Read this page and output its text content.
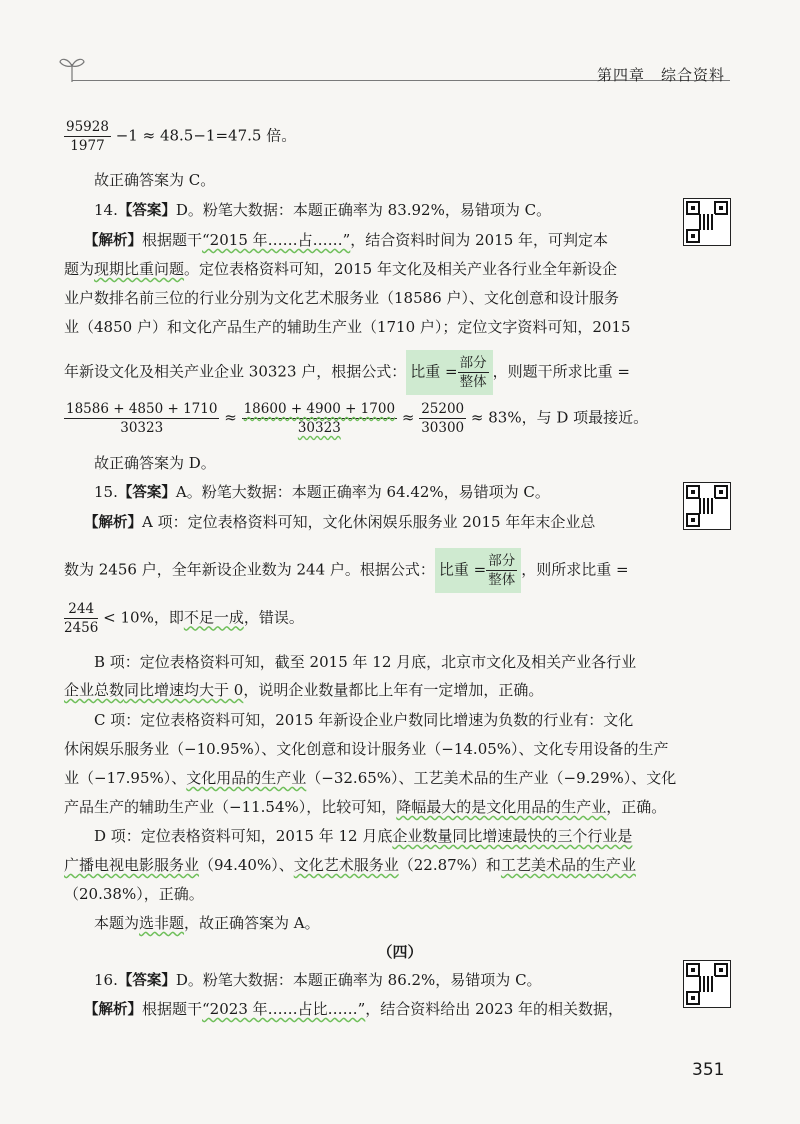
第四章　综合资料
$\frac{95928}{1977} -1 \approx 48.5-1=47.5$ 倍。
故正确答案为 C。
14.【答案】D。粉笔大数据：本题正确率为 83.92%，易错项为 C。
【解析】根据题干“2015 年……占……”，结合资料时间为 2015 年，可判定本
题为现期比重问题。定位表格资料可知，2015 年文化及相关产业各行业全年新设企
业户数排名前三位的行业分别为文化艺术服务业（18586 户）、文化创意和设计服务
业（4850 户）和文化产品生产的辅助生产业（1710 户）；定位文字资料可知，2015
年新设文化及相关产业企业 30323 户，根据公式： 比重 = $\frac{\text{部分}}{\text{整体}}$ ，则题干所求比重 =
$\frac{18586 + 4850 + 1710}{30323} \approx \frac{18600 + 4900 + 1700}{30323} \approx \frac{25200}{30300} \approx 83\%$，与 D 项最接近。
故正确答案为 D。
15.【答案】A。粉笔大数据：本题正确率为 64.42%，易错项为 C。
【解析】A 项：定位表格资料可知，文化休闲娱乐服务业 2015 年年末企业总
数为 2456 户，全年新设企业数为 244 户。根据公式： 比重 = $\frac{\text{部分}}{\text{整体}}$ ，则所求比重 =
$\frac{244}{2456} < 10\%$，即不足一成，错误。
B 项：定位表格资料可知，截至 2015 年 12 月底，北京市文化及相关产业各行业
企业总数同比增速均大于 0，说明企业数量都比上年有一定增加，正确。
C 项：定位表格资料可知，2015 年新设企业户数同比增速为负数的行业有：文化
休闲娱乐服务业（−10.95%）、文化创意和设计服务业（−14.05%）、文化专用设备的生产
业（−17.95%）、文化用品的生产业（−32.65%）、工艺美术品的生产业（−9.29%）、文化
产品生产的辅助生产业（−11.54%），比较可知，降幅最大的是文化用品的生产业，正确。
D 项：定位表格资料可知，2015 年 12 月底企业数量同比增速最快的三个行业是
广播电视电影服务业（94.40%）、文化艺术服务业（22.87%）和工艺美术品的生产业
（20.38%），正确。
本题为选非题，故正确答案为 A。
（四）
16.【答案】D。粉笔大数据：本题正确率为 86.2%，易错项为 C。
【解析】根据题干“2023 年……占比……”，结合资料给出 2023 年的相关数据，
351
